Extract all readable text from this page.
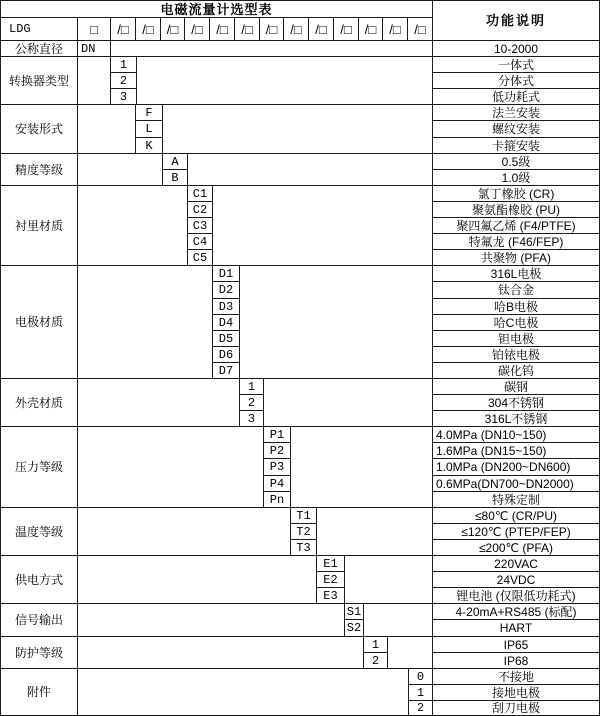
电磁流量计选型表
功能说明
LDG	□	/□	/□	/□	/□	/□	/□	/□	/□	/□	/□	/□	/□	/□
公称直径	DN	10-2000
转换器类型
1	一体式
2	分体式
3	低功耗式
安装形式
F	法兰安装
L	螺纹安装
K	卡箍安装
精度等级
A	0.5级
B	1.0级
衬里材质
C1	氯丁橡胶 (CR)
C2	聚氨酯橡胶 (PU)
C3	聚四氟乙烯 (F4/PTFE)
C4	特氟龙 (F46/FEP)
C5	共聚物 (PFA)
电极材质
D1	316L电极
D2	钛合金
D3	哈B电极
D4	哈C电极
D5	钽电极
D6	铂铱电极
D7	碳化钨
外壳材质
1	碳钢
2	304不锈钢
3	316L不锈钢
压力等级
P1	4.0MPa (DN10~150)
P2	1.6MPa (DN15~150)
P3	1.0MPa (DN200~DN600)
P4	0.6MPa(DN700~DN2000)
Pn	特殊定制
温度等级
T1	≤80℃ (CR/PU)
T2	≤120℃ (PTEP/FEP)
T3	≤200℃ (PFA)
供电方式
E1	220VAC
E2	24VDC
E3	锂电池 (仅限低功耗式)
信号输出
S1	4-20mA+RS485 (标配)
S2	HART
防护等级
1	IP65
2	IP68
附件
0	不接地
1	接地电极
2	刮刀电极
